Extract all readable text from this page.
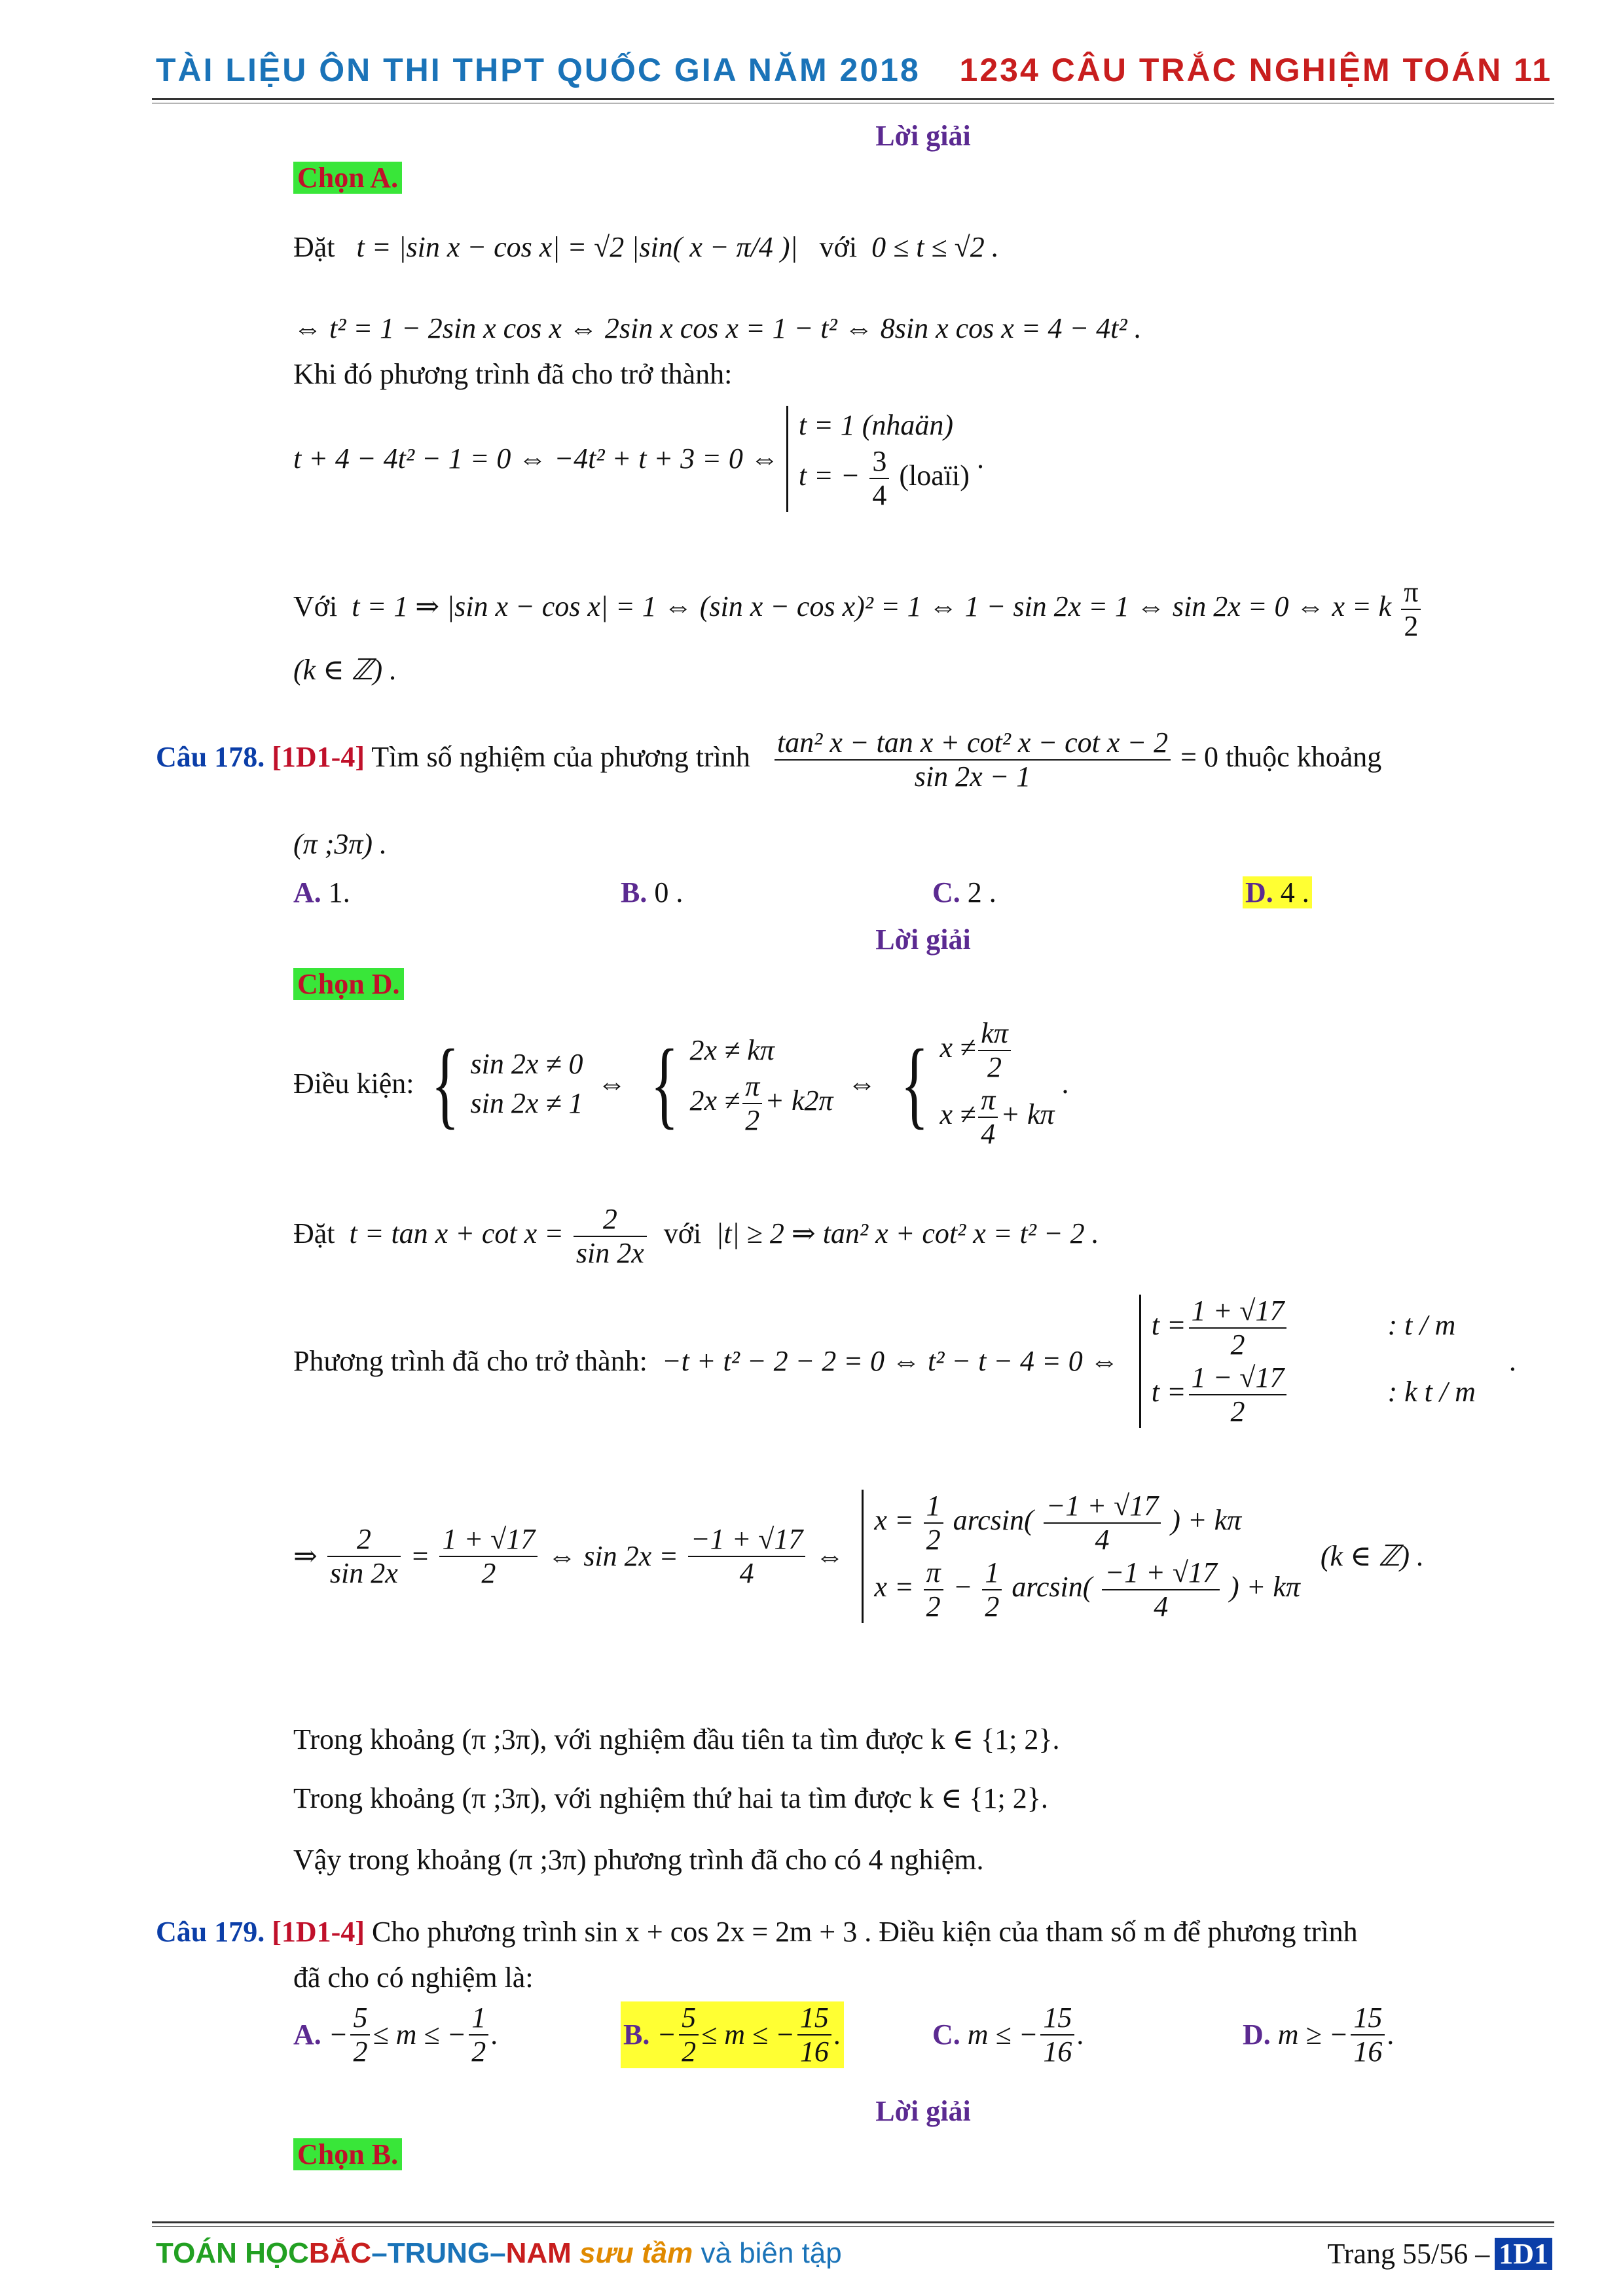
TÀI LIỆU ÔN THI THPT QUỐC GIA NĂM 2018 1234 CÂU TRẮC NGHIỆM TOÁN 11
Lời giải
Chọn A.
Đặt t = |sin x − cos x| = √2 |sin( x − π/4 )| với 0 ≤ t ≤ √2 .
⇔ t² = 1 − 2sin x cos x ⇔ 2sin x cos x = 1 − t² ⇔ 8sin x cos x = 4 − 4t² .
Khi đó phương trình đã cho trở thành:
t + 4 − 4t² − 1 = 0 ⇔ −4t² + t + 3 = 0 ⇔
t = 1 (nhaän)
t = − $\frac{3}{4}$ (loaïi)
.
Với t = 1 ⇒ |sin x − cos x| = 1 ⇔ (sin x − cos x)² = 1 ⇔ 1 − sin 2x = 1 ⇔ sin 2x = 0 ⇔ x = k $\frac{\pi}{2}$
(k ∈ ℤ) .
Câu 178. [1D1-4] Tìm số nghiệm của phương trình $\frac{\text{tan² x − tan x + cot² x − cot x − 2}}{\sin 2x - 1} = 0$ thuộc khoảng
(π ;3π) .
A. 1.	B. 0 .	C. 2 .	D. 4 .
Lời giải
Chọn D.
Điều kiện: { sin 2x ≠ 0
sin 2x ≠ 1
⇔  { 2x ≠ kπ
$2x \ne \frac{\pi}{2} + k2\pi$
⇔  { $x \ne \frac{k\pi}{2}$
$x \ne \frac{\pi}{4} + k\pi$
.
Đặt $t = \tan x + \cot x = \frac{2}{\sin 2x}$ với |t| ≥ 2 ⇒ tan² x + cot² x = t² − 2 .
Phương trình đã cho trở thành: −t + t² − 2 − 2 = 0 ⇔ t² − t − 4 = 0 ⇔
$t = \frac{1 + √17}{2}$	: t / m
$t = \frac{1 - √17}{2}$	: k t / m
.
⇒ $\frac{2}{\sin 2x} = \frac{1 + √17}{2}$ ⇔ $\sin 2x = \frac{-1 + √17}{4}$ ⇔
$x = \frac{1}{2} \arcsin( \frac{-1 + √17}{4}$ ) + kπ
$x = \frac{\pi}{2} - \frac{1}{2} \arcsin( \frac{-1 + √17}{4}$ ) + kπ
(k ∈ ℤ) .
Trong khoảng (π ;3π), với nghiệm đầu tiên ta tìm được k ∈ {1; 2}.
Trong khoảng (π ;3π), với nghiệm thứ hai ta tìm được k ∈ {1; 2}.
Vậy trong khoảng (π ;3π) phương trình đã cho có 4 nghiệm.
Câu 179. [1D1-4] Cho phương trình sin x + cos 2x = 2m + 3 . Điều kiện của tham số m để phương trình
đã cho có nghiệm là:
A. − $\frac{5}{2} \le m$ ≤ − $\frac{1}{2}$ .	B. − $\frac{5}{2} \le m$ ≤ − $\frac{15}{16}$ .	C. m ≤ − $\frac{15}{16}$ .	D. m ≥ − $\frac{15}{16}$ .
Lời giải
Chọn B.
TOÁN HỌCBẮC–TRUNG–NAM sưu tầm và biên tập	Trang 55/56 – 1D1
